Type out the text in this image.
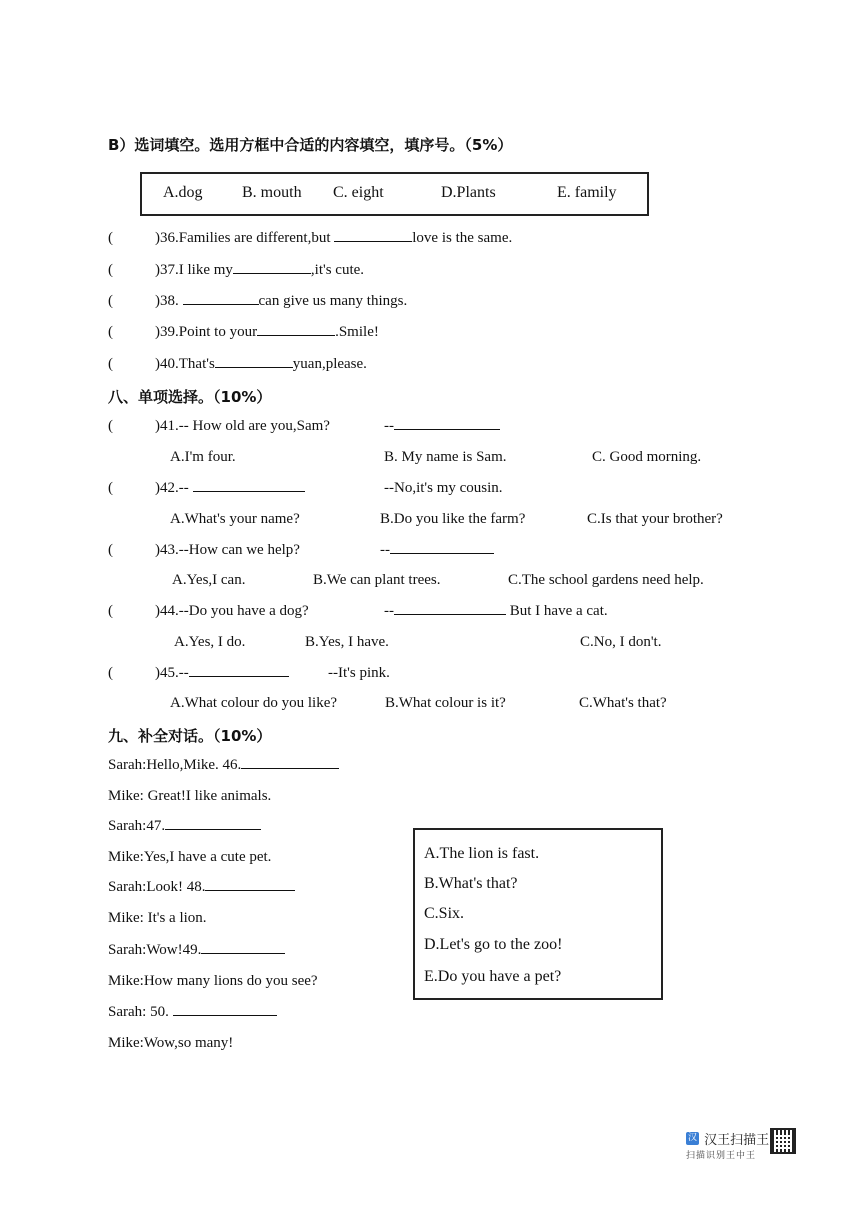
B）选词填空。选用方框中合适的内容填空，填序号。（5%）
A.dog B. mouth C. eight	D.Plants	E. family
(	)36.Families are different,but	love is the same.
(	)37.I like my	,it's cute.
(	)38.	can give us many things.
(	)39.Point to your	.Smile!
(	)40.That's	yuan,please.
八、单项选择。（10%）
(	)41.-- How old are you,Sam?	--
A.I'm four.	B. My name is Sam.	C. Good morning.
(	)42.--	--No,it's my cousin.
A.What's your name?	B.Do you like the farm?	C.Is that your brother?
(	)43.--How can we help?	--
A.Yes,I can.	B.We can plant trees.	C.The school gardens need help.
(	)44.--Do you have a dog?	--	But I have a cat.
A.Yes, I do.	B.Yes, I have.	C.No, I don't.
(	)45.--	--It's pink.
A.What colour do you like?	B.What colour is it?	C.What's that?
九、补全对话。（10%）
Sarah:Hello,Mike. 46.
Mike: Great!I like animals.
Sarah:47.
Mike:Yes,I have a cute pet.
Sarah:Look! 48.
Mike: It's a lion.
Sarah:Wow!49.
Mike:How many lions do you see?
Sarah: 50.
Mike:Wow,so many!
A.The lion is fast.
B.What's that?
C.Six.
D.Let's go to the zoo!
E.Do you have a pet?
汉 汉王扫描王
扫描识别王中王
